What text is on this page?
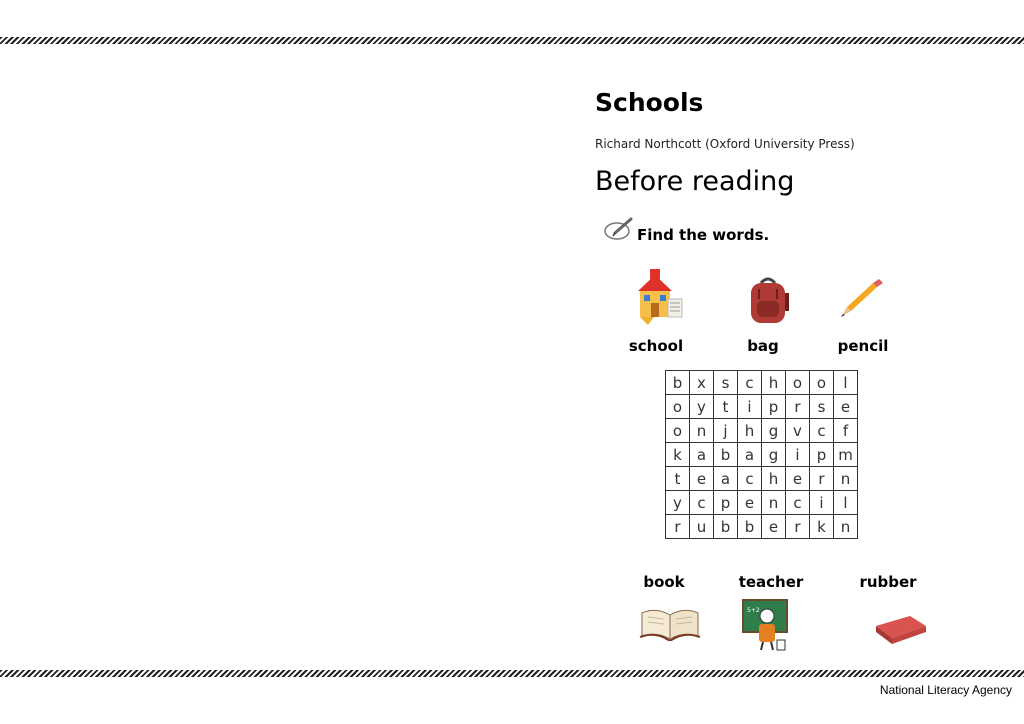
Schools
Richard Northcott (Oxford University Press)
Before reading
Find the words.
school	bag	pencil
b	x	s	c	h	o	o	l
o	y	t	i	p	r	s	e
o	n	j	h	g	v	c	f
k	a	b	a	g	i	p	m
t	e	a	c	h	e	r	n
y	c	p	e	n	c	i	l
r	u	b	b	e	r	k	n
book	teacher	rubber
5+2
National Literacy Agency
